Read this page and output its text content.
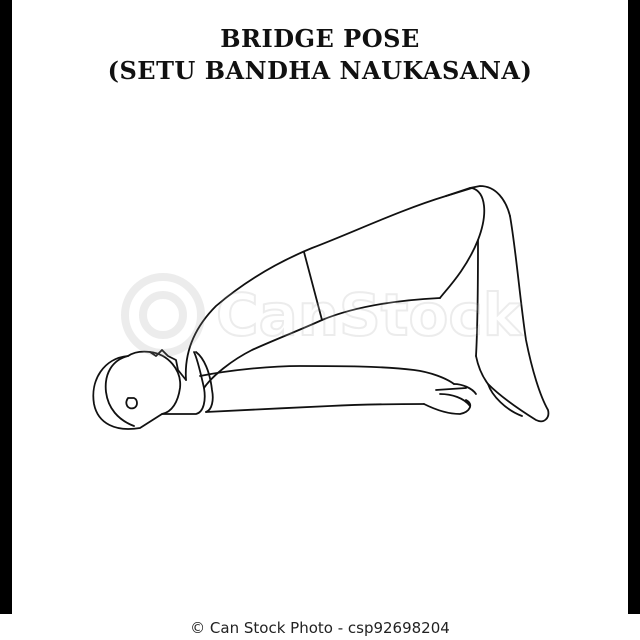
BRIDGE POSE
(SETU BANDHA NAUKASANA)
CanStock
© Can Stock Photo - csp92698204
